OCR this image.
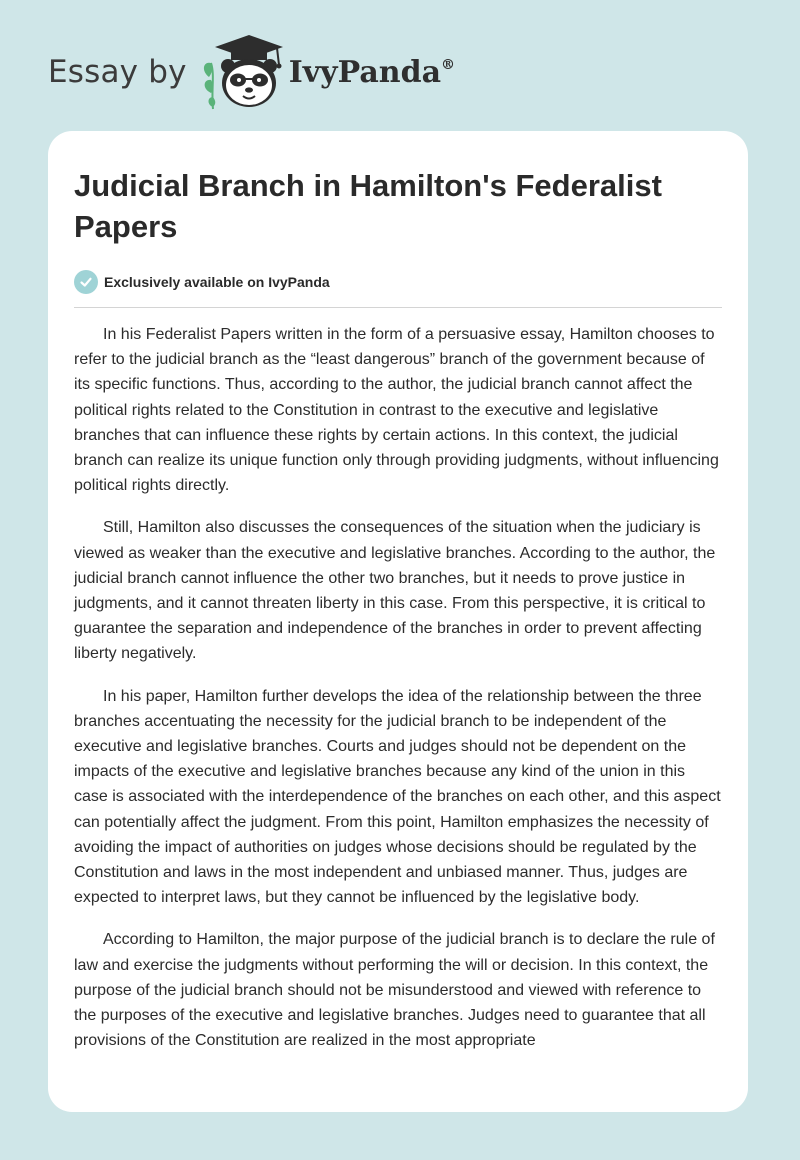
Essay by	IvyPanda®
Judicial Branch in Hamilton's Federalist Papers
Exclusively available on IvyPanda

In his Federalist Papers written in the form of a persuasive essay, Hamilton chooses to refer to the judicial branch as the “least dangerous” branch of the government because of its specific functions. Thus, according to the author, the judicial branch cannot affect the political rights related to the Constitution in contrast to the executive and legislative branches that can influence these rights by certain actions. In this context, the judicial branch can realize its unique function only through providing judgments, without influencing political rights directly.

Still, Hamilton also discusses the consequences of the situation when the judiciary is viewed as weaker than the executive and legislative branches. According to the author, the judicial branch cannot influence the other two branches, but it needs to prove justice in judgments, and it cannot threaten liberty in this case. From this perspective, it is critical to guarantee the separation and independence of the branches in order to prevent affecting liberty negatively.

In his paper, Hamilton further develops the idea of the relationship between the three branches accentuating the necessity for the judicial branch to be independent of the executive and legislative branches. Courts and judges should not be dependent on the impacts of the executive and legislative branches because any kind of the union in this case is associated with the interdependence of the branches on each other, and this aspect can potentially affect the judgment. From this point, Hamilton emphasizes the necessity of avoiding the impact of authorities on judges whose decisions should be regulated by the Constitution and laws in the most independent and unbiased manner. Thus, judges are expected to interpret laws, but they cannot be influenced by the legislative body.

According to Hamilton, the major purpose of the judicial branch is to declare the rule of law and exercise the judgments without performing the will or decision. In this context, the purpose of the judicial branch should not be misunderstood and viewed with reference to the purposes of the executive and legislative branches. Judges need to guarantee that all provisions of the Constitution are realized in the most appropriate
